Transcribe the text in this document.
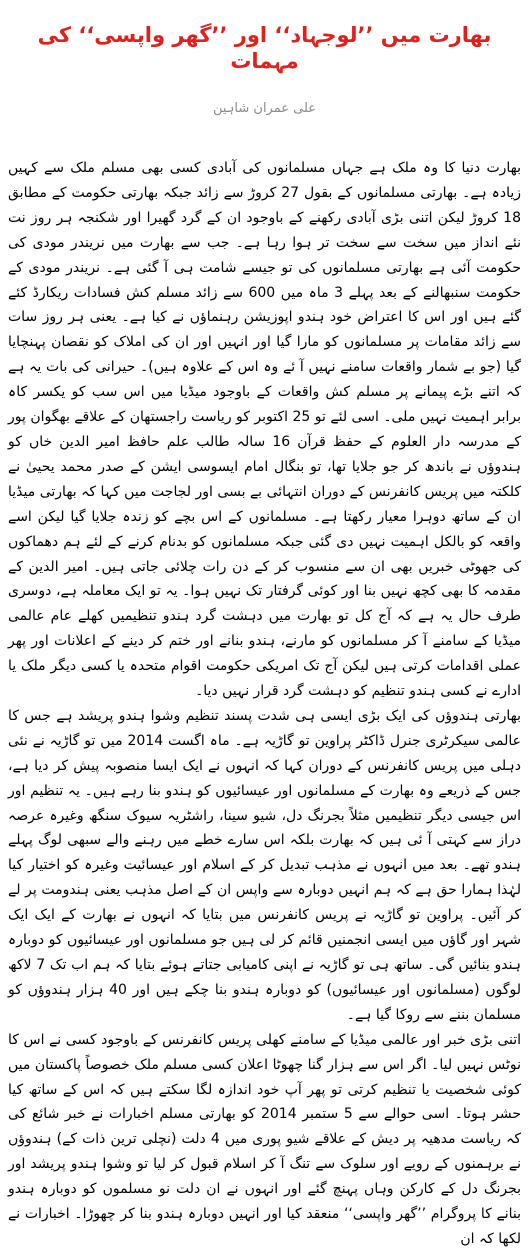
بھارت میں ’’لوجہاد‘‘ اور ’’گھر واپسی‘‘ کی مہمات
علی عمران شاہین

بھارت دنیا کا وہ ملک ہے جہاں مسلمانوں کی آبادی کسی بھی مسلم ملک سے کہیں زیادہ ہے۔ بھارتی مسلمانوں کے بقول 27 کروڑ سے زائد جبکہ بھارتی حکومت کے مطابق 18 کروڑ لیکن اتنی بڑی آبادی رکھنے کے باوجود ان کے گرد گھیرا اور شکنجہ ہر روز نت نئے انداز میں سخت سے سخت تر ہوا رہا ہے۔ جب سے بھارت میں نریندر مودی کی حکومت آئی ہے بھارتی مسلمانوں کی تو جیسے شامت ہی آ گئی ہے۔ نریندر مودی کے حکومت سنبھالنے کے بعد پہلے 3 ماہ میں 600 سے زائد مسلم کش فسادات ریکارڈ کئے گئے ہیں اور اس کا اعتراض خود ہندو اپوزیشن رہنماؤں نے کیا ہے۔ یعنی ہر روز سات سے زائد مقامات پر مسلمانوں کو مارا گیا اور انہیں اور ان کی املاک کو نقصان پہنچایا گیا (جو بے شمار واقعات سامنے نہیں آ ئے وہ اس کے علاوہ ہیں)۔ حیرانی کی بات یہ ہے کہ اتنے بڑے پیمانے پر مسلم کش واقعات کے باوجود میڈیا میں اس سب کو یکسر کاہ برابر اہمیت نہیں ملی۔ اسی لئے تو 25 اکتوبر کو ریاست راجستھان کے علاقے بھگوان پور کے مدرسہ دار العلوم کے حفظ قرآن 16 سالہ طالب علم حافظ امیر الدین خاں کو ہندوؤں نے باندھ کر جو جلایا تھا، تو بنگال امام ایسوسی ایشن کے صدر محمد یحییٰ نے کلکتہ میں پریس کانفرنس کے دوران انتہائی بے بسی اور لجاجت میں کہا کہ بھارتی میڈیا ان کے ساتھ دوہرا معیار رکھتا ہے۔ مسلمانوں کے اس بچے کو زندہ جلایا گیا لیکن اسے واقعہ کو بالکل اہمیت نہیں دی گئی جبکہ مسلمانوں کو بدنام کرنے کے لئے ہم دھماکوں کی جھوٹی خبریں بھی ان سے منسوب کر کے دن رات چلائی جاتی ہیں۔ امیر الدین کے مقدمہ کا بھی کچھ نہیں بنا اور کوئی گرفتار تک نہیں ہوا۔ یہ تو ایک معاملہ ہے، دوسری طرف حال یہ ہے کہ آج کل تو بھارت میں دہشت گرد ہندو تنظیمیں کھلے عام عالمی میڈیا کے سامنے آ کر مسلمانوں کو مارنے، ہندو بنانے اور ختم کر دینے کے اعلانات اور پھر عملی اقدامات کرتی ہیں لیکن آج تک امریکی حکومت اقوام متحدہ یا کسی دیگر ملک یا ادارے نے کسی ہندو تنظیم کو دہشت گرد قرار نہیں دیا۔

بھارتی ہندوؤں کی ایک بڑی ایسی ہی شدت پسند تنظیم وشوا ہندو پریشد ہے جس کا عالمی سیکرٹری جنرل ڈاکٹر پراوین تو گاڑیہ ہے۔ ماہ اگست 2014 میں تو گاڑیہ نے نئی دہلی میں پریس کانفرنس کے دوران کہا کہ انہوں نے ایک ایسا منصوبہ پیش کر دیا ہے، جس کے ذریعے وہ بھارت کے مسلمانوں اور عیسائیوں کو ہندو بنا رہے ہیں۔ یہ تنظیم اور اس جیسی دیگر تنظیمیں مثلاً بجرنگ دل، شیو سینا، راشٹریہ سیوک سنگھ وغیرہ عرصہ دراز سے کہتی آ ئی ہیں کہ بھارت بلکہ اس سارے خطے میں رہنے والے سبھی لوگ پہلے ہندو تھے۔ بعد میں انہوں نے مذہب تبدیل کر کے اسلام اور عیسائیت وغیرہ کو اختیار کیا لہٰذا ہمارا حق ہے کہ ہم انہیں دوبارہ سے واپس ان کے اصل مذہب یعنی ہندومت پر لے کر آئیں۔ پراوین تو گاڑیہ نے پریس کانفرنس میں بتایا کہ انہوں نے بھارت کے ایک ایک شہر اور گاؤں میں ایسی انجمنیں قائم کر لی ہیں جو مسلمانوں اور عیسائیوں کو دوبارہ ہندو بنائیں گی۔ ساتھ ہی تو گاڑیہ نے اپنی کامیابی جتاتے ہوئے بتایا کہ ہم اب تک 7 لاکھ لوگوں (مسلمانوں اور عیسائیوں) کو دوبارہ ہندو بنا چکے ہیں اور 40 ہزار ہندوؤں کو مسلمان بننے سے روکا گیا ہے۔

اتنی بڑی خبر اور عالمی میڈیا کے سامنے کھلی پریس کانفرنس کے باوجود کسی نے اس کا نوٹس نہیں لیا۔ اگر اس سے ہزار گنا چھوٹا اعلان کسی مسلم ملک خصوصاً پاکستان میں کوئی شخصیت یا تنظیم کرتی تو پھر آپ خود اندازہ لگا سکتے ہیں کہ اس کے ساتھ کیا حشر ہوتا۔ اسی حوالے سے 5 ستمبر 2014 کو بھارتی مسلم اخبارات نے خبر شائع کی کہ ریاست مدھیہ پر دیش کے علاقے شیو پوری میں 4 دلت (نچلی ترین ذات کے) ہندوؤں نے برہمنوں کے رویے اور سلوک سے تنگ آ کر اسلام قبول کر لیا تو وشوا ہندو پریشد اور بجرنگ دل کے کارکن وہاں پہنچ گئے اور انہوں نے ان دلت نو مسلموں کو دوبارہ ہندو بنانے کا پروگرام ’’گھر واپسی‘‘ منعقد کیا اور انہیں دوبارہ ہندو بنا کر چھوڑا۔ اخبارات نے لکھا کہ ان
